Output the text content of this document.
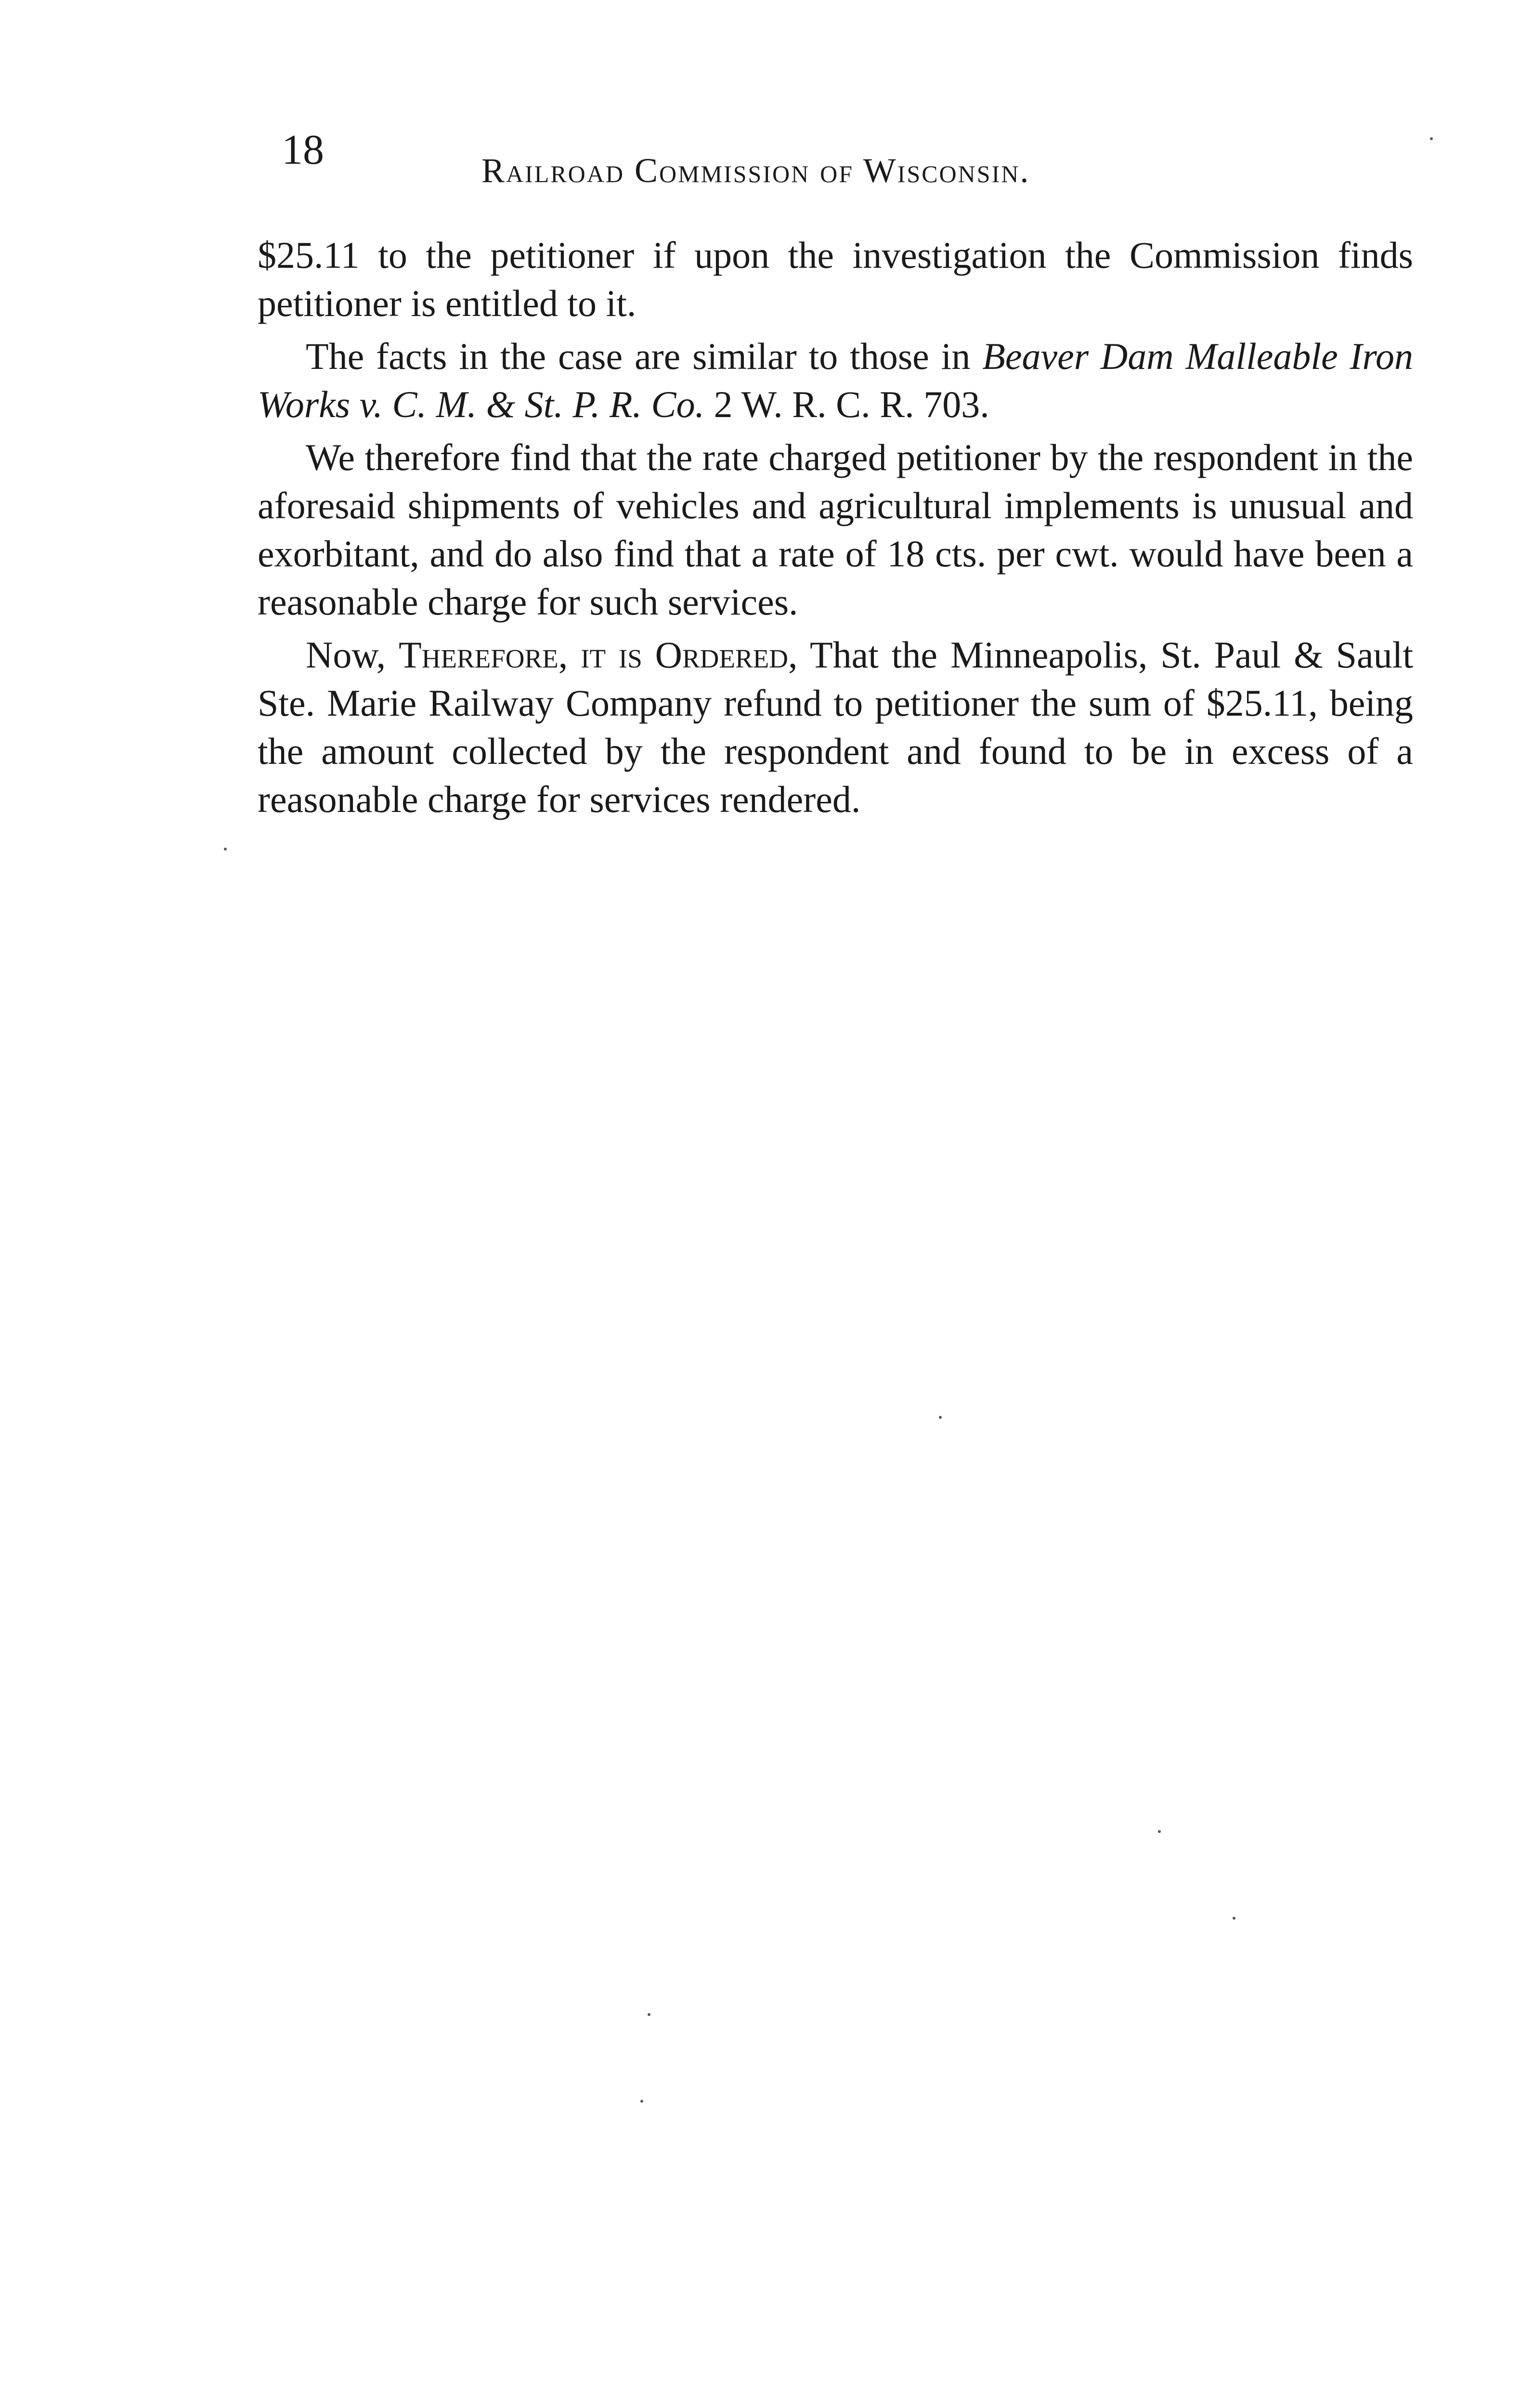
18	Railroad Commission of Wisconsin.

$25.11 to the petitioner if upon the investigation the Commission finds petitioner is entitled to it.

The facts in the case are similar to those in Beaver Dam Malleable Iron Works v. C. M. & St. P. R. Co. 2 W. R. C. R. 703.

We therefore find that the rate charged petitioner by the respondent in the aforesaid shipments of vehicles and agricultural implements is unusual and exorbitant, and do also find that a rate of 18 cts. per cwt. would have been a reasonable charge for such services.

Now, Therefore, it is Ordered, That the Minneapolis, St. Paul & Sault Ste. Marie Railway Company refund to petitioner the sum of $25.11, being the amount collected by the respondent and found to be in excess of a reasonable charge for services rendered.
